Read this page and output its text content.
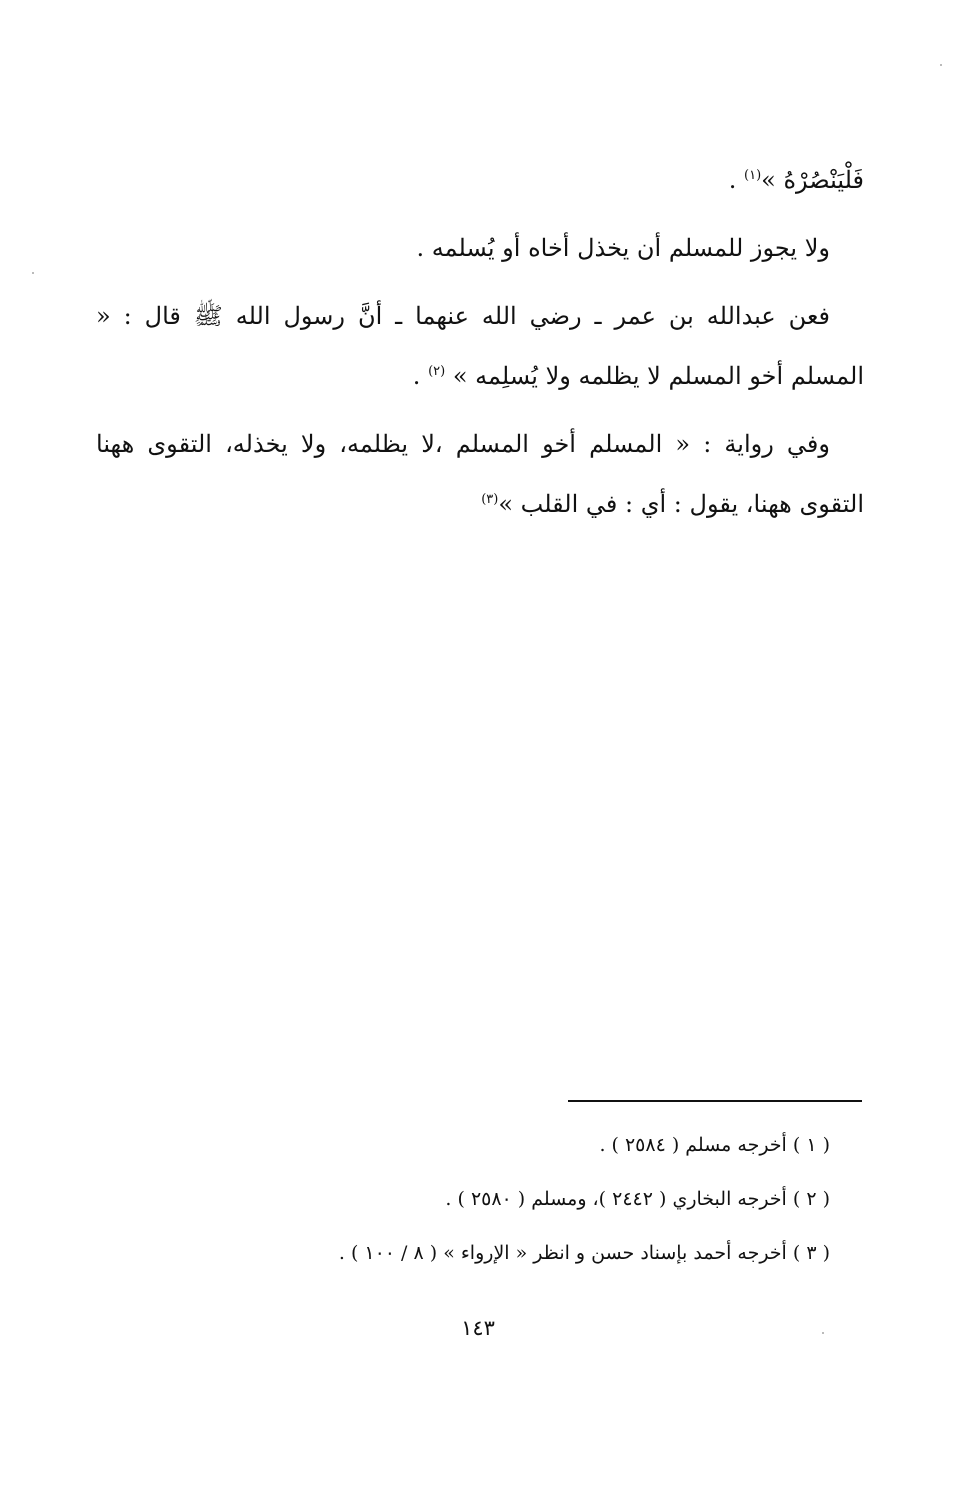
فَلْيَنْصُرْهُ »$^{(١)}$ .

ولا يجوز للمسلم أن يخذل أخاه أو يُسلمه .

فعن عبدالله بن عمر ـ رضي الله عنهما ـ أنَّ رسول الله ﷺ قال : « المسلم أخو المسلم لا يظلمه ولا يُسلِمه » $^{(٢)}$ .

وفي رواية : « المسلم أخو المسلم ،لا يظلمه، ولا يخذله، التقوى ههنا التقوى ههنا، يقول : أي : في القلب »$^{(٣)}$

( ١ ) أخرجه مسلم ( ٢٥٨٤ ) .

( ٢ ) أخرجه البخاري ( ٢٤٤٢ )، ومسلم ( ٢٥٨٠ ) .

( ٣ ) أخرجه أحمد بإسناد حسن و انظر « الإرواء » ( ٨ / ١٠٠ ) .

١٤٣
